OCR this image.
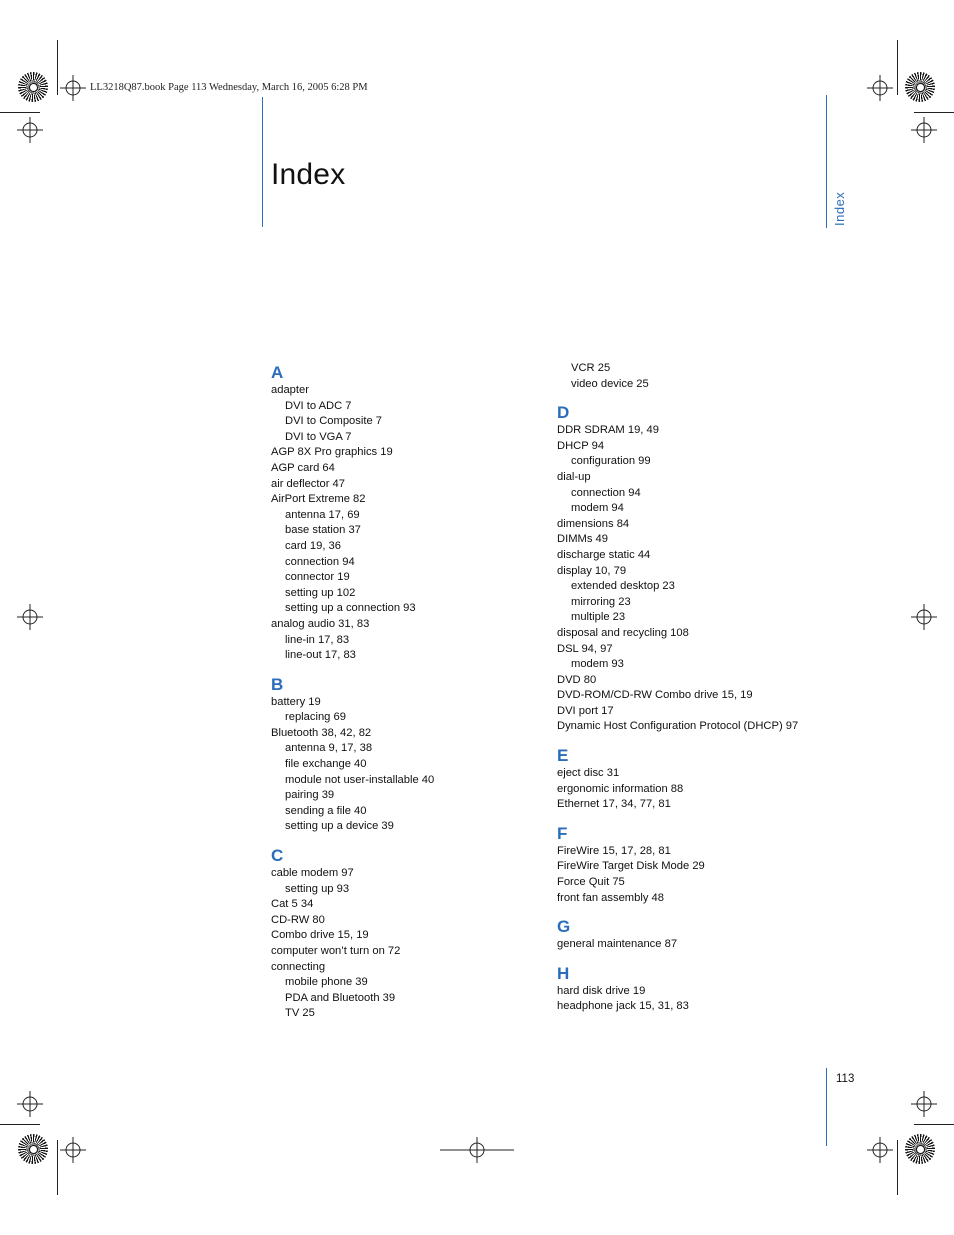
LL3218Q87.book Page 113 Wednesday, March 16, 2005 6:28 PM
Index
Index
A
adapter
DVI to ADC 7
DVI to Composite 7
DVI to VGA 7
AGP 8X Pro graphics 19
AGP card 64
air deflector 47
AirPort Extreme 82
antenna 17, 69
base station 37
card 19, 36
connection 94
connector 19
setting up 102
setting up a connection 93
analog audio 31, 83
line-in 17, 83
line-out 17, 83
B
battery 19
replacing 69
Bluetooth 38, 42, 82
antenna 9, 17, 38
file exchange 40
module not user-installable 40
pairing 39
sending a file 40
setting up a device 39
C
cable modem 97
setting up 93
Cat 5 34
CD-RW 80
Combo drive 15, 19
computer won’t turn on 72
connecting
mobile phone 39
PDA and Bluetooth 39
TV 25
VCR 25
video device 25
D
DDR SDRAM 19, 49
DHCP 94
configuration 99
dial-up
connection 94
modem 94
dimensions 84
DIMMs 49
discharge static 44
display 10, 79
extended desktop 23
mirroring 23
multiple 23
disposal and recycling 108
DSL 94, 97
modem 93
DVD 80
DVD-ROM/CD-RW Combo drive 15, 19
DVI port 17
Dynamic Host Configuration Protocol (DHCP) 97
E
eject disc 31
ergonomic information 88
Ethernet 17, 34, 77, 81
F
FireWire 15, 17, 28, 81
FireWire Target Disk Mode 29
Force Quit 75
front fan assembly 48
G
general maintenance 87
H
hard disk drive 19
headphone jack 15, 31, 83
113
